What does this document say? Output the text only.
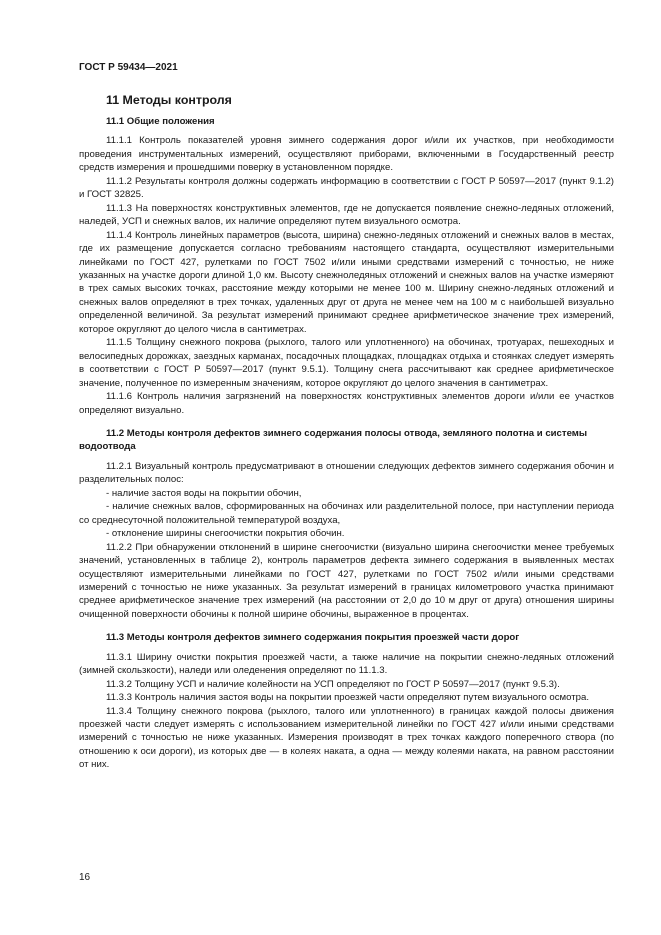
ГОСТ Р 59434—2021
11 Методы контроля
11.1 Общие положения

11.1.1 Контроль показателей уровня зимнего содержания дорог и/или их участков, при необходимости проведения инструментальных измерений, осуществляют приборами, включенными в Государственный реестр средств измерения и прошедшими поверку в установленном порядке.

11.1.2 Результаты контроля должны содержать информацию в соответствии с ГОСТ Р 50597—2017 (пункт 9.1.2) и ГОСТ 32825.

11.1.3 На поверхностях конструктивных элементов, где не допускается появление снежно-ледяных отложений, наледей, УСП и снежных валов, их наличие определяют путем визуального осмотра.

11.1.4 Контроль линейных параметров (высота, ширина) снежно-ледяных отложений и снежных валов в местах, где их размещение допускается согласно требованиям настоящего стандарта, осуществляют измерительными линейками по ГОСТ 427, рулетками по ГОСТ 7502 и/или иными средствами измерений с точностью, не ниже указанных на участке дороги длиной 1,0 км. Высоту снежноледяных отложений и снежных валов на участке измеряют в трех самых высоких точках, расстояние между которыми не менее 100 м. Ширину снежно-ледяных отложений и снежных валов определяют в трех точках, удаленных друг от друга не менее чем на 100 м с наибольшей визуально определенной величиной. За результат измерений принимают среднее арифметическое значение трех измерений, которое округляют до целого числа в сантиметрах.

11.1.5 Толщину снежного покрова (рыхлого, талого или уплотненного) на обочинах, тротуарах, пешеходных и велосипедных дорожках, заездных карманах, посадочных площадках, площадках отдыха и стоянках следует измерять в соответствии с ГОСТ Р 50597—2017 (пункт 9.5.1). Толщину снега рассчитывают как среднее арифметическое значение, полученное по измеренным значениям, которое округляют до целого значения в сантиметрах.

11.1.6 Контроль наличия загрязнений на поверхностях конструктивных элементов дороги и/или ее участков определяют визуально.

11.2 Методы контроля дефектов зимнего содержания полосы отвода, земляного полотна и системы водоотвода

11.2.1 Визуальный контроль предусматривают в отношении следующих дефектов зимнего содержания обочин и разделительных полос:

- наличие застоя воды на покрытии обочин,

- наличие снежных валов, сформированных на обочинах или разделительной полосе, при наступлении периода со среднесуточной положительной температурой воздуха,

- отклонение ширины снегоочистки покрытия обочин.

11.2.2 При обнаружении отклонений в ширине снегоочистки (визуально ширина снегоочистки менее требуемых значений, установленных в таблице 2), контроль параметров дефекта зимнего содержания в выявленных местах осуществляют измерительными линейками по ГОСТ 427, рулетками по ГОСТ 7502 и/или иными средствами измерений с точностью не ниже указанных. За результат измерений в границах километрового участка принимают среднее арифметическое значение трех измерений (на расстоянии от 2,0 до 10 м друг от друга) отношения ширины очищенной поверхности обочины к полной ширине обочины, выраженное в процентах.

11.3 Методы контроля дефектов зимнего содержания покрытия проезжей части дорог

11.3.1 Ширину очистки покрытия проезжей части, а также наличие на покрытии снежно-ледяных отложений (зимней скользкости), наледи или оледенения определяют по 11.1.3.

11.3.2 Толщину УСП и наличие колейности на УСП определяют по ГОСТ Р 50597—2017 (пункт 9.5.3).

11.3.3 Контроль наличия застоя воды на покрытии проезжей части определяют путем визуального осмотра.

11.3.4 Толщину снежного покрова (рыхлого, талого или уплотненного) в границах каждой полосы движения проезжей части следует измерять с использованием измерительной линейки по ГОСТ 427 и/или иными средствами измерений с точностью не ниже указанных. Измерения производят в трех точках каждого поперечного створа (по отношению к оси дороги), из которых две — в колеях наката, а одна — между колеями наката, на равном расстоянии от них.

16
